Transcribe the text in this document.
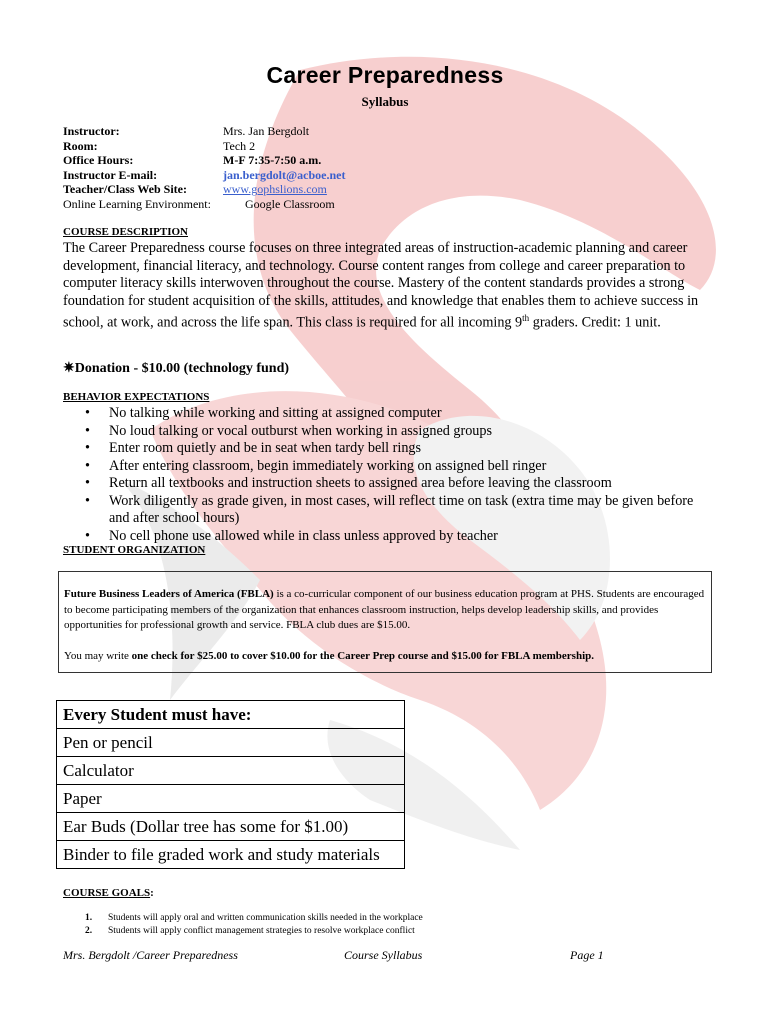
Career Preparedness
Syllabus
Instructor:	Mrs. Jan Bergdolt
Room:	Tech 2
Office Hours:	M-F 7:35-7:50 a.m.
Instructor E-mail:	jan.bergdolt@acboe.net
Teacher/Class Web Site:	www.gophslions.com
Online Learning Environment:	Google Classroom
COURSE DESCRIPTION
The Career Preparedness course focuses on three integrated areas of instruction-academic planning and career development, financial literacy, and technology. Course content ranges from college and career preparation to computer literacy skills interwoven throughout the course. Mastery of the content standards provides a strong foundation for student acquisition of the skills, attitudes, and knowledge that enables them to achieve success in school, at work, and across the life span. This class is required for all incoming 9th graders. Credit: 1 unit.
✷Donation - $10.00 (technology fund)
BEHAVIOR EXPECTATIONS
• No talking while working and sitting at assigned computer
• No loud talking or vocal outburst when working in assigned groups
• Enter room quietly and be in seat when tardy bell rings
• After entering classroom, begin immediately working on assigned bell ringer
• Return all textbooks and instruction sheets to assigned area before leaving the classroom
• Work diligently as grade given, in most cases, will reflect time on task (extra time may be given before and after school hours)
• No cell phone use allowed while in class unless approved by teacher
STUDENT ORGANIZATION

Future Business Leaders of America (FBLA) is a co-curricular component of our business education program at PHS. Students are encouraged to become participating members of the organization that enhances classroom instruction, helps develop leadership skills, and provides opportunities for professional growth and service. FBLA club dues are $15.00.

You may write one check for $25.00 to cover $10.00 for the Career Prep course and $15.00 for FBLA membership.

Every Student must have:
Pen or pencil
Calculator
Paper
Ear Buds (Dollar tree has some for $1.00)
Binder to file graded work and study materials
COURSE GOALS:
1. Students will apply oral and written communication skills needed in the workplace
2. Students will apply conflict management strategies to resolve workplace conflict
Mrs. Bergdolt /Career Preparedness	Course Syllabus	Page 1
